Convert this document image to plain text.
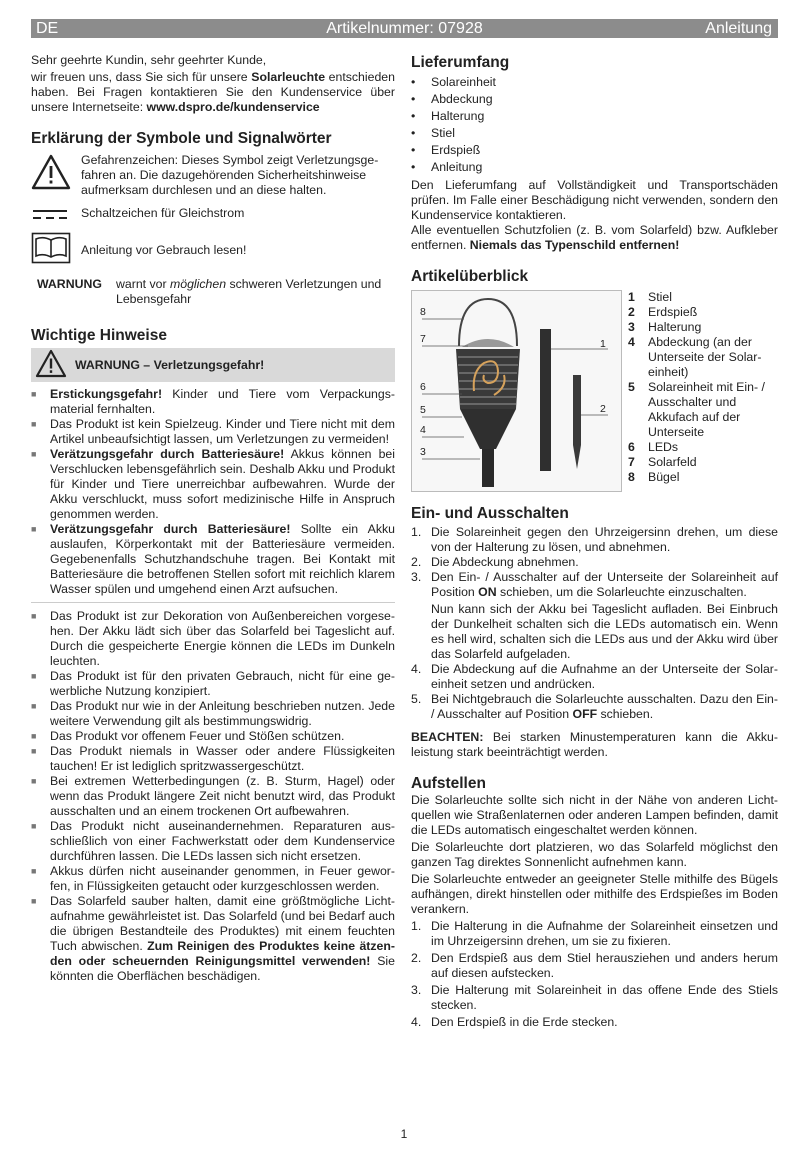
DE	Artikelnummer: 07928	Anleitung

Sehr geehrte Kundin, sehr geehrter Kunde,

wir freuen uns, dass Sie sich für unsere Solarleuchte entschieden haben. Bei Fragen kontaktieren Sie den Kundenservice über unsere Internetseite: www.dspro.de/kundenservice

Erklärung der Symbole und Signalwörter

Gefahrenzeichen: Dieses Symbol zeigt Verletzungsgefahren an. Die dazugehörenden Sicherheitshinweise aufmerksam durchlesen und an diese halten.

Schaltzeichen für Gleichstrom

Anleitung vor Gebrauch lesen!

WARNUNG	warnt vor möglichen schweren Verletzungen und Lebensgefahr

Wichtige Hinweise
WARNUNG – Verletzungsgefahr!
■ Erstickungsgefahr! Kinder und Tiere vom Verpackungsmaterial fernhalten.
■ Das Produkt ist kein Spielzeug. Kinder und Tiere nicht mit dem Artikel unbeaufsichtigt lassen, um Verletzungen zu vermeiden!
■ Verätzungsgefahr durch Batteriesäure! Akkus können bei Verschlucken lebensgefährlich sein. Deshalb Akku und Produkt für Kinder und Tiere unerreichbar aufbewahren. Wurde der Akku verschluckt, muss sofort medizinische Hilfe in Anspruch genommen werden.
■ Verätzungsgefahr durch Batteriesäure! Sollte ein Akku auslaufen, Körperkontakt mit der Batteriesäure vermeiden. Gegebenenfalls Schutzhandschuhe tragen. Bei Kontakt mit Batteriesäure die betroffenen Stellen sofort mit reichlich klarem Wasser spülen und umgehend einen Arzt aufsuchen.
■ Das Produkt ist zur Dekoration von Außenbereichen vorgesehen. Der Akku lädt sich über das Solarfeld bei Tageslicht auf. Durch die gespeicherte Energie können die LEDs im Dunkeln leuchten.
■ Das Produkt ist für den privaten Gebrauch, nicht für eine gewerbliche Nutzung konzipiert.
■ Das Produkt nur wie in der Anleitung beschrieben nutzen. Jede weitere Verwendung gilt als bestimmungswidrig.
■ Das Produkt vor offenem Feuer und Stößen schützen.
■ Das Produkt niemals in Wasser oder andere Flüssigkeiten tauchen! Er ist lediglich spritzwassergeschützt.
■ Bei extremen Wetterbedingungen (z. B. Sturm, Hagel) oder wenn das Produkt längere Zeit nicht benutzt wird, das Produkt ausschalten und an einem trockenen Ort aufbewahren.
■ Das Produkt nicht auseinandernehmen. Reparaturen ausschließlich von einer Fachwerkstatt oder dem Kundenservice durchführen lassen. Die LEDs lassen sich nicht ersetzen.
■ Akkus dürfen nicht auseinander genommen, in Feuer geworfen, in Flüssigkeiten getaucht oder kurzgeschlossen werden.
■ Das Solarfeld sauber halten, damit eine größtmögliche Lichtaufnahme gewährleistet ist. Das Solarfeld (und bei Bedarf auch die übrigen Bestandteile des Produktes) mit einem feuchten Tuch abwischen. Zum Reinigen des Produktes keine ätzenden oder scheuernden Reinigungsmittel verwenden! Sie könnten die Oberflächen beschädigen.
Lieferumfang
• Solareinheit
• Abdeckung
• Halterung
• Stiel
• Erdspieß
• Anleitung

Den Lieferumfang auf Vollständigkeit und Transportschäden prüfen. Im Falle einer Beschädigung nicht verwenden, sondern den Kundenservice kontaktieren.

Alle eventuellen Schutzfolien (z. B. vom Solarfeld) bzw. Aufkleber entfernen. Niemals das Typenschild entfernen!

Artikelüberblick
1	Stiel
2	Erdspieß
3	Halterung
4	Abdeckung (an der Unterseite der Solareinheit)
5	Solareinheit mit Ein- / Ausschalter und Akkufach auf der Unterseite
6	LEDs
7	Solarfeld
8	Bügel
Ein- und Ausschalten
1. Die Solareinheit gegen den Uhrzeigersinn drehen, um diese von der Halterung zu lösen, und abnehmen.
2. Die Abdeckung abnehmen.
3. Den Ein- / Ausschalter auf der Unterseite der Solareinheit auf Position ON schieben, um die Solarleuchte einzuschalten.

Nun kann sich der Akku bei Tageslicht aufladen. Bei Einbruch der Dunkelheit schalten sich die LEDs automatisch ein. Wenn es hell wird, schalten sich die LEDs aus und der Akku wird über das Solarfeld aufgeladen.

4. Die Abdeckung auf die Aufnahme an der Unterseite der Solareinheit setzen und andrücken.
5. Bei Nichtgebrauch die Solarleuchte ausschalten. Dazu den Ein- / Ausschalter auf Position OFF schieben.

BEACHTEN: Bei starken Minustemperaturen kann die Akkuleistung stark beeinträchtigt werden.

Aufstellen

Die Solarleuchte sollte sich nicht in der Nähe von anderen Lichtquellen wie Straßenlaternen oder anderen Lampen befinden, damit die LEDs automatisch eingeschaltet werden können.

Die Solarleuchte dort platzieren, wo das Solarfeld möglichst den ganzen Tag direktes Sonnenlicht aufnehmen kann.

Die Solarleuchte entweder an geeigneter Stelle mithilfe des Bügels aufhängen, direkt hinstellen oder mithilfe des Erdspießes im Boden verankern.

1. Die Halterung in die Aufnahme der Solareinheit einsetzen und im Uhrzeigersinn drehen, um sie zu fixieren.
2. Den Erdspieß aus dem Stiel herausziehen und anders herum auf diesen aufstecken.
3. Die Halterung mit Solareinheit in das offene Ende des Stiels stecken.
4. Den Erdspieß in die Erde stecken.
8
7
6
5
4
3
1
2
1
